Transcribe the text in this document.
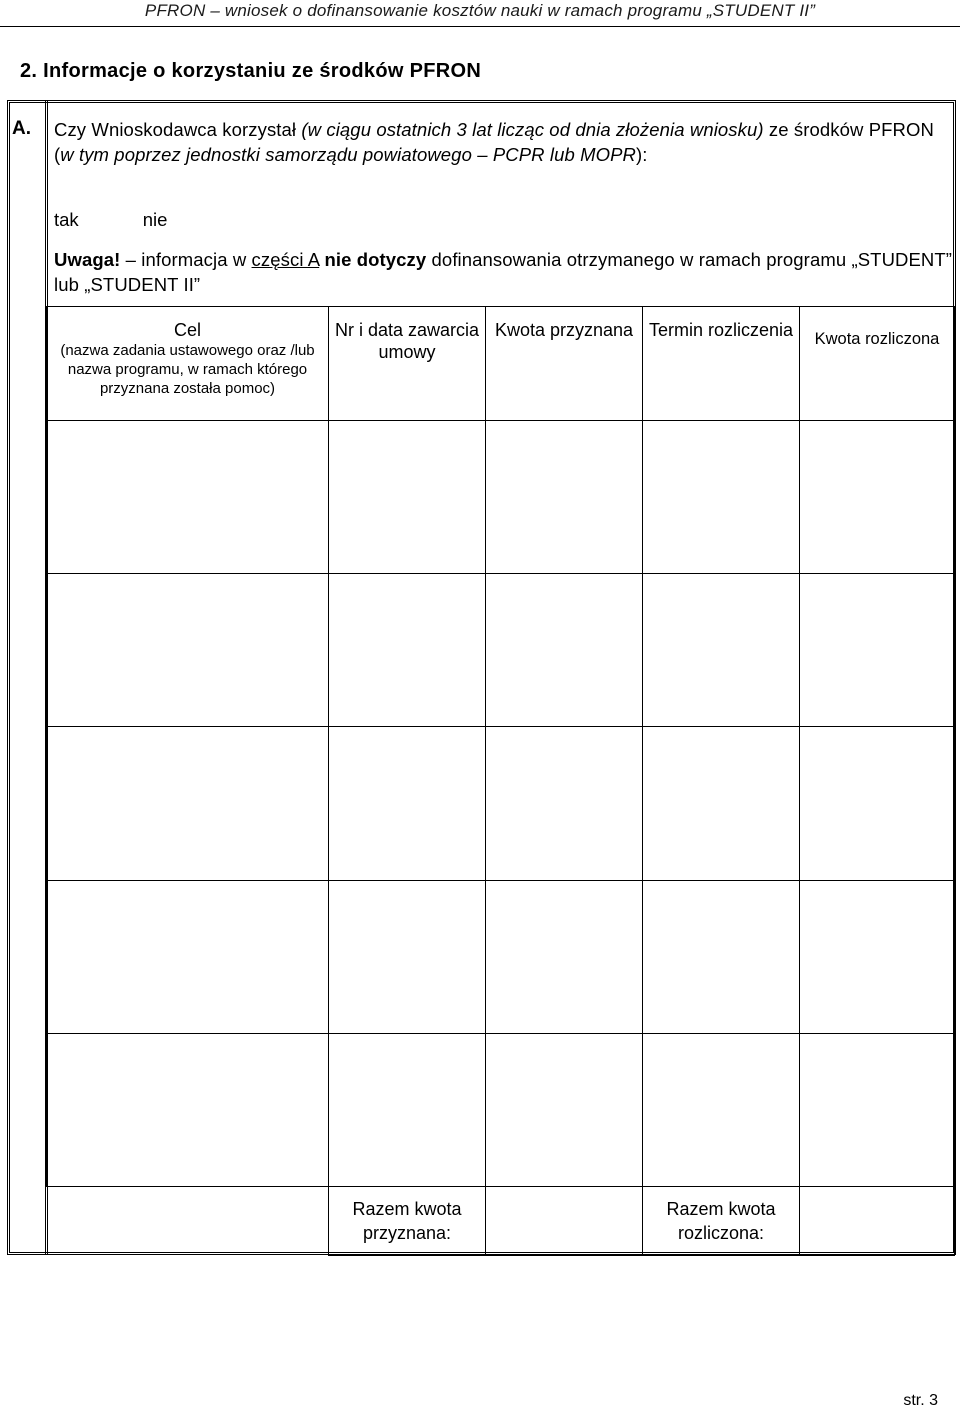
PFRON – wniosek o dofinansowanie kosztów nauki w ramach programu „STUDENT II”
2. Informacje o korzystaniu ze środków PFRON
A. Czy Wnioskodawca korzystał (w ciągu ostatnich 3 lat licząc od dnia złożenia wniosku) ze środków PFRON (w tym poprzez jednostki samorządu powiatowego – PCPR lub MOPR):
tak	nie
Uwaga! – informacja w części A nie dotyczy dofinansowania otrzymanego w ramach programu „STUDENT” lub „STUDENT II”
Cel
(nazwa zadania ustawowego oraz /lub nazwa programu, w ramach którego przyznana została pomoc)	Nr i data zawarcia umowy	Kwota przyznana	Termin rozliczenia	Kwota rozliczona

	Razem kwota przyznana:		Razem kwota rozliczona:	
str. 3
